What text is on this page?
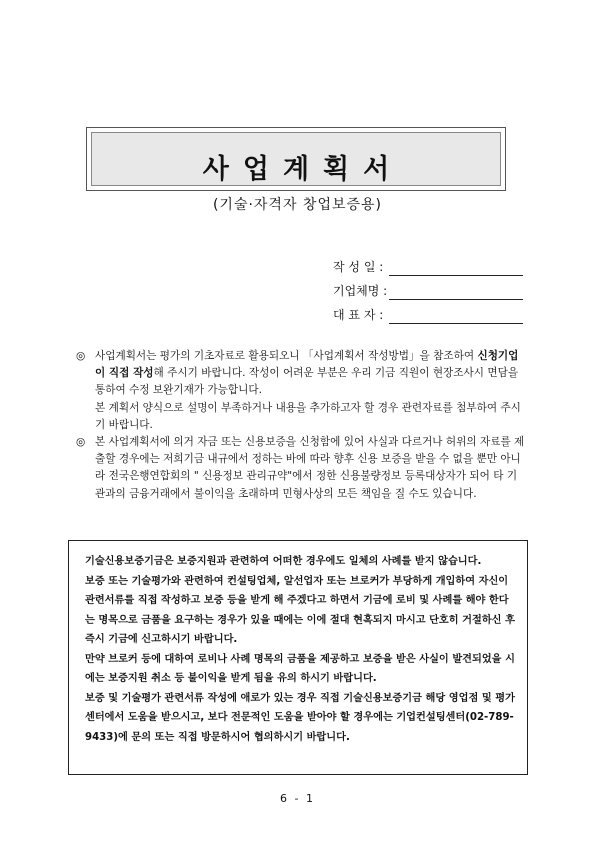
사업계획서
(기술·자격자 창업보증용)
작 성 일 :
기업체명 :
대 표 자 :

◎ 사업계획서는 평가의 기초자료로 활용되오니 「사업계획서 작성방법」을 참조하여 신청기업이 직접 작성해 주시기 바랍니다. 작성이 어려운 부분은 우리 기금 직원이 현장조사시 면담을 통하여 수정 보완기재가 가능합니다.
본 계획서 양식으로 설명이 부족하거나 내용을 추가하고자 할 경우 관련자료를 첨부하여 주시기 바랍니다.

◎ 본 사업계획서에 의거 자금 또는 신용보증을 신청함에 있어 사실과 다르거나 허위의 자료를 제출할 경우에는 저희기금 내규에서 정하는 바에 따라 향후 신용 보증을 받을 수 없을 뿐만 아니라 전국은행연합회의 " 신용정보 관리규약"에서 정한 신용불량정보 등록대상자가 되어 타 기관과의 금융거래에서 불이익을 초래하며 민형사상의 모든 책임을 질 수도 있습니다.

기술신용보증기금은 보증지원과 관련하여 어떠한 경우에도 일체의 사례를 받지 않습니다.

보증 또는 기술평가와 관련하여 컨설팅업체, 알선업자 또는 브로커가 부당하게 개입하여 자신이 관련서류를 직접 작성하고 보증 등을 받게 해 주겠다고 하면서 기금에 로비 및 사례를 해야 한다는 명목으로 금품을 요구하는 경우가 있을 때에는 이에 절대 현혹되지 마시고 단호히 거절하신 후 즉시 기금에 신고하시기 바랍니다.

만약 브로커 등에 대하여 로비나 사례 명목의 금품을 제공하고 보증을 받은 사실이 발견되었을 시에는 보증지원 취소 등 불이익을 받게 됨을 유의 하시기 바랍니다.

보증 및 기술평가 관련서류 작성에 애로가 있는 경우 직접 기술신용보증기금 해당 영업점 및 평가센터에서 도움을 받으시고, 보다 전문적인 도움을 받아야 할 경우에는 기업컨설팅센터(02-789-9433)에 문의 또는 직접 방문하시어 협의하시기 바랍니다.

6 - 1
